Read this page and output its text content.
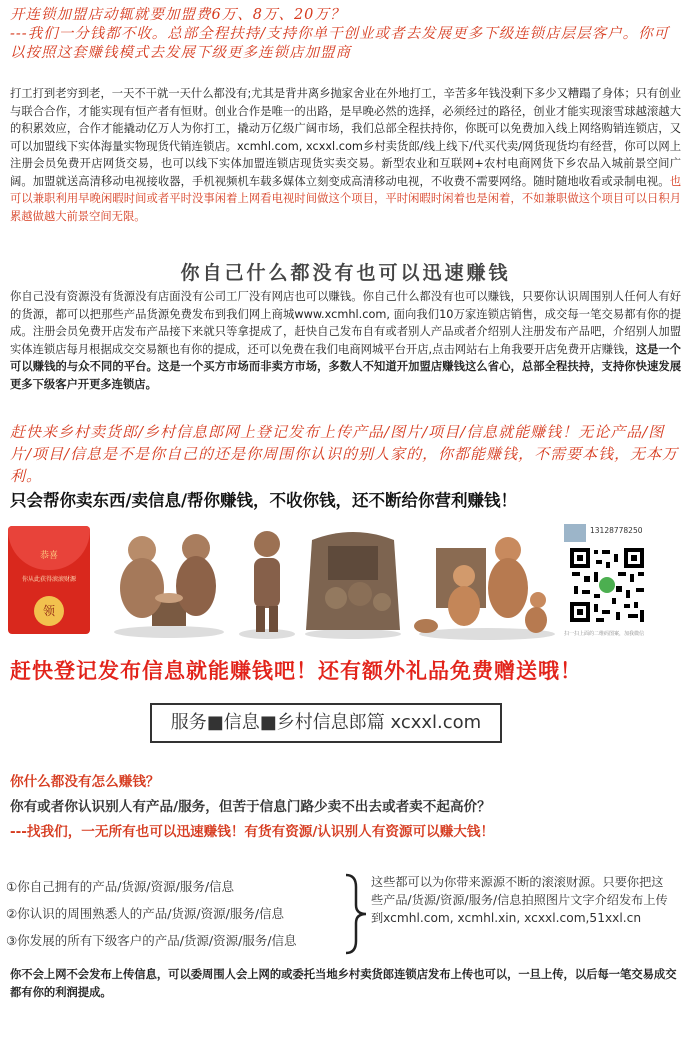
开连锁加盟店动辄就要加盟费6万、8万、20万？
---我们一分钱都不收。总部全程扶持/支持你单干创业或者去发展更多下级连锁店层层客户。你可以按照这套赚钱模式去发展下级更多连锁店加盟商
打工打到老穷到老，一天不干就一天什么都没有;尤其是背井离乡抛家舍业在外地打工，辛苦多年钱没剩下多少又糟蹋了身体；只有创业与联合合作，才能实现有恒产者有恒财。创业合作是唯一的出路，是早晚必然的选择，必须经过的路径，创业才能实现滚雪球越滚越大的积累效应，合作才能撬动亿万人为你打工，撬动万亿级广阔市场，我们总部全程扶持你，你既可以免费加入线上网络购销连锁店，又可以加盟线下实体海量实物现货代销连锁店。xcmhl.com, xcxxl.com乡村卖货郎/线上线下/代买代卖/网货现货均有经营，你可以网上注册会员免费开店网货交易，也可以线下实体加盟连锁店现货实卖交易。新型农业和互联网+农村电商网货下乡农品入城前景空间广阔。加盟就送高清移动电视接收器，手机视频机车载多媒体立刻变成高清移动电视，不收费不需要网络。随时随地收看或录制电视。也可以兼职利用早晚闲暇时间或者平时没事闲着上网看电视时间做这个项目，平时闲暇时闲着也是闲着，不如兼职做这个项目可以日积月累越做越大前景空间无限。
你自己什么都没有也可以迅速赚钱
你自己没有资源没有货源没有店面没有公司工厂没有网店也可以赚钱。你自己什么都没有也可以赚钱，只要你认识周围别人任何人有好的货源，都可以把那些产品货源免费发布到我们网上商城www.xcmhl.com, 面向我们10万家连锁店销售，成交每一笔交易都有你的提成。注册会员免费开店发布产品接下来就只等拿提成了，赶快自己发布自有或者别人产品或者介绍别人注册发布产品吧，介绍别人加盟实体连锁店每月根据成交交易额也有你的提成，还可以免费在我们电商网城平台开店,点击网站右上角我要开店免费开店赚钱，这是一个可以赚钱的与众不同的平台。这是一个买方市场而非卖方市场，多数人不知道开加盟店赚钱这么省心，总部全程扶持，支持你快速发展更多下级客户开更多连锁店。
赶快来乡村卖货郎/乡村信息郎网上登记发布上传产品/图片/项目/信息就能赚钱！无论产品/图片/项目/信息是不是你自己的还是你周围你认识的别人家的，你都能赚钱，不需要本钱，无本万利。
只会帮你卖东西/卖信息/帮你赚钱，不收你钱，还不断给你营利赚钱！
恭喜
你从此获得滚滚财源
领
13128778250
扫一扫上面的二维码图案，加我微信
赶快登记发布信息就能赚钱吧！还有额外礼品免费赠送哦！
服务■信息■乡村信息郎篇 xcxxl.com
你什么都没有怎么赚钱？
你有或者你认识别人有产品/服务，但苦于信息门路少卖不出去或者卖不起高价？
---找我们，一无所有也可以迅速赚钱！有货有资源/认识别人有资源可以赚大钱！
①你自己拥有的产品/货源/资源/服务/信息
②你认识的周围熟悉人的产品/货源/资源/服务/信息
③你发展的所有下级客户的产品/货源/资源/服务/信息
这些都可以为你带来源源不断的滚滚财源。只要你把这些产品/货源/资源/服务/信息拍照图片文字介绍发布上传到xcmhl.com, xcmhl.xin, xcxxl.com,51xxl.cn
你不会上网不会发布上传信息，可以委周围人会上网的或委托当地乡村卖货郎连锁店发布上传也可以，一旦上传，以后每一笔交易成交都有你的利润提成。
